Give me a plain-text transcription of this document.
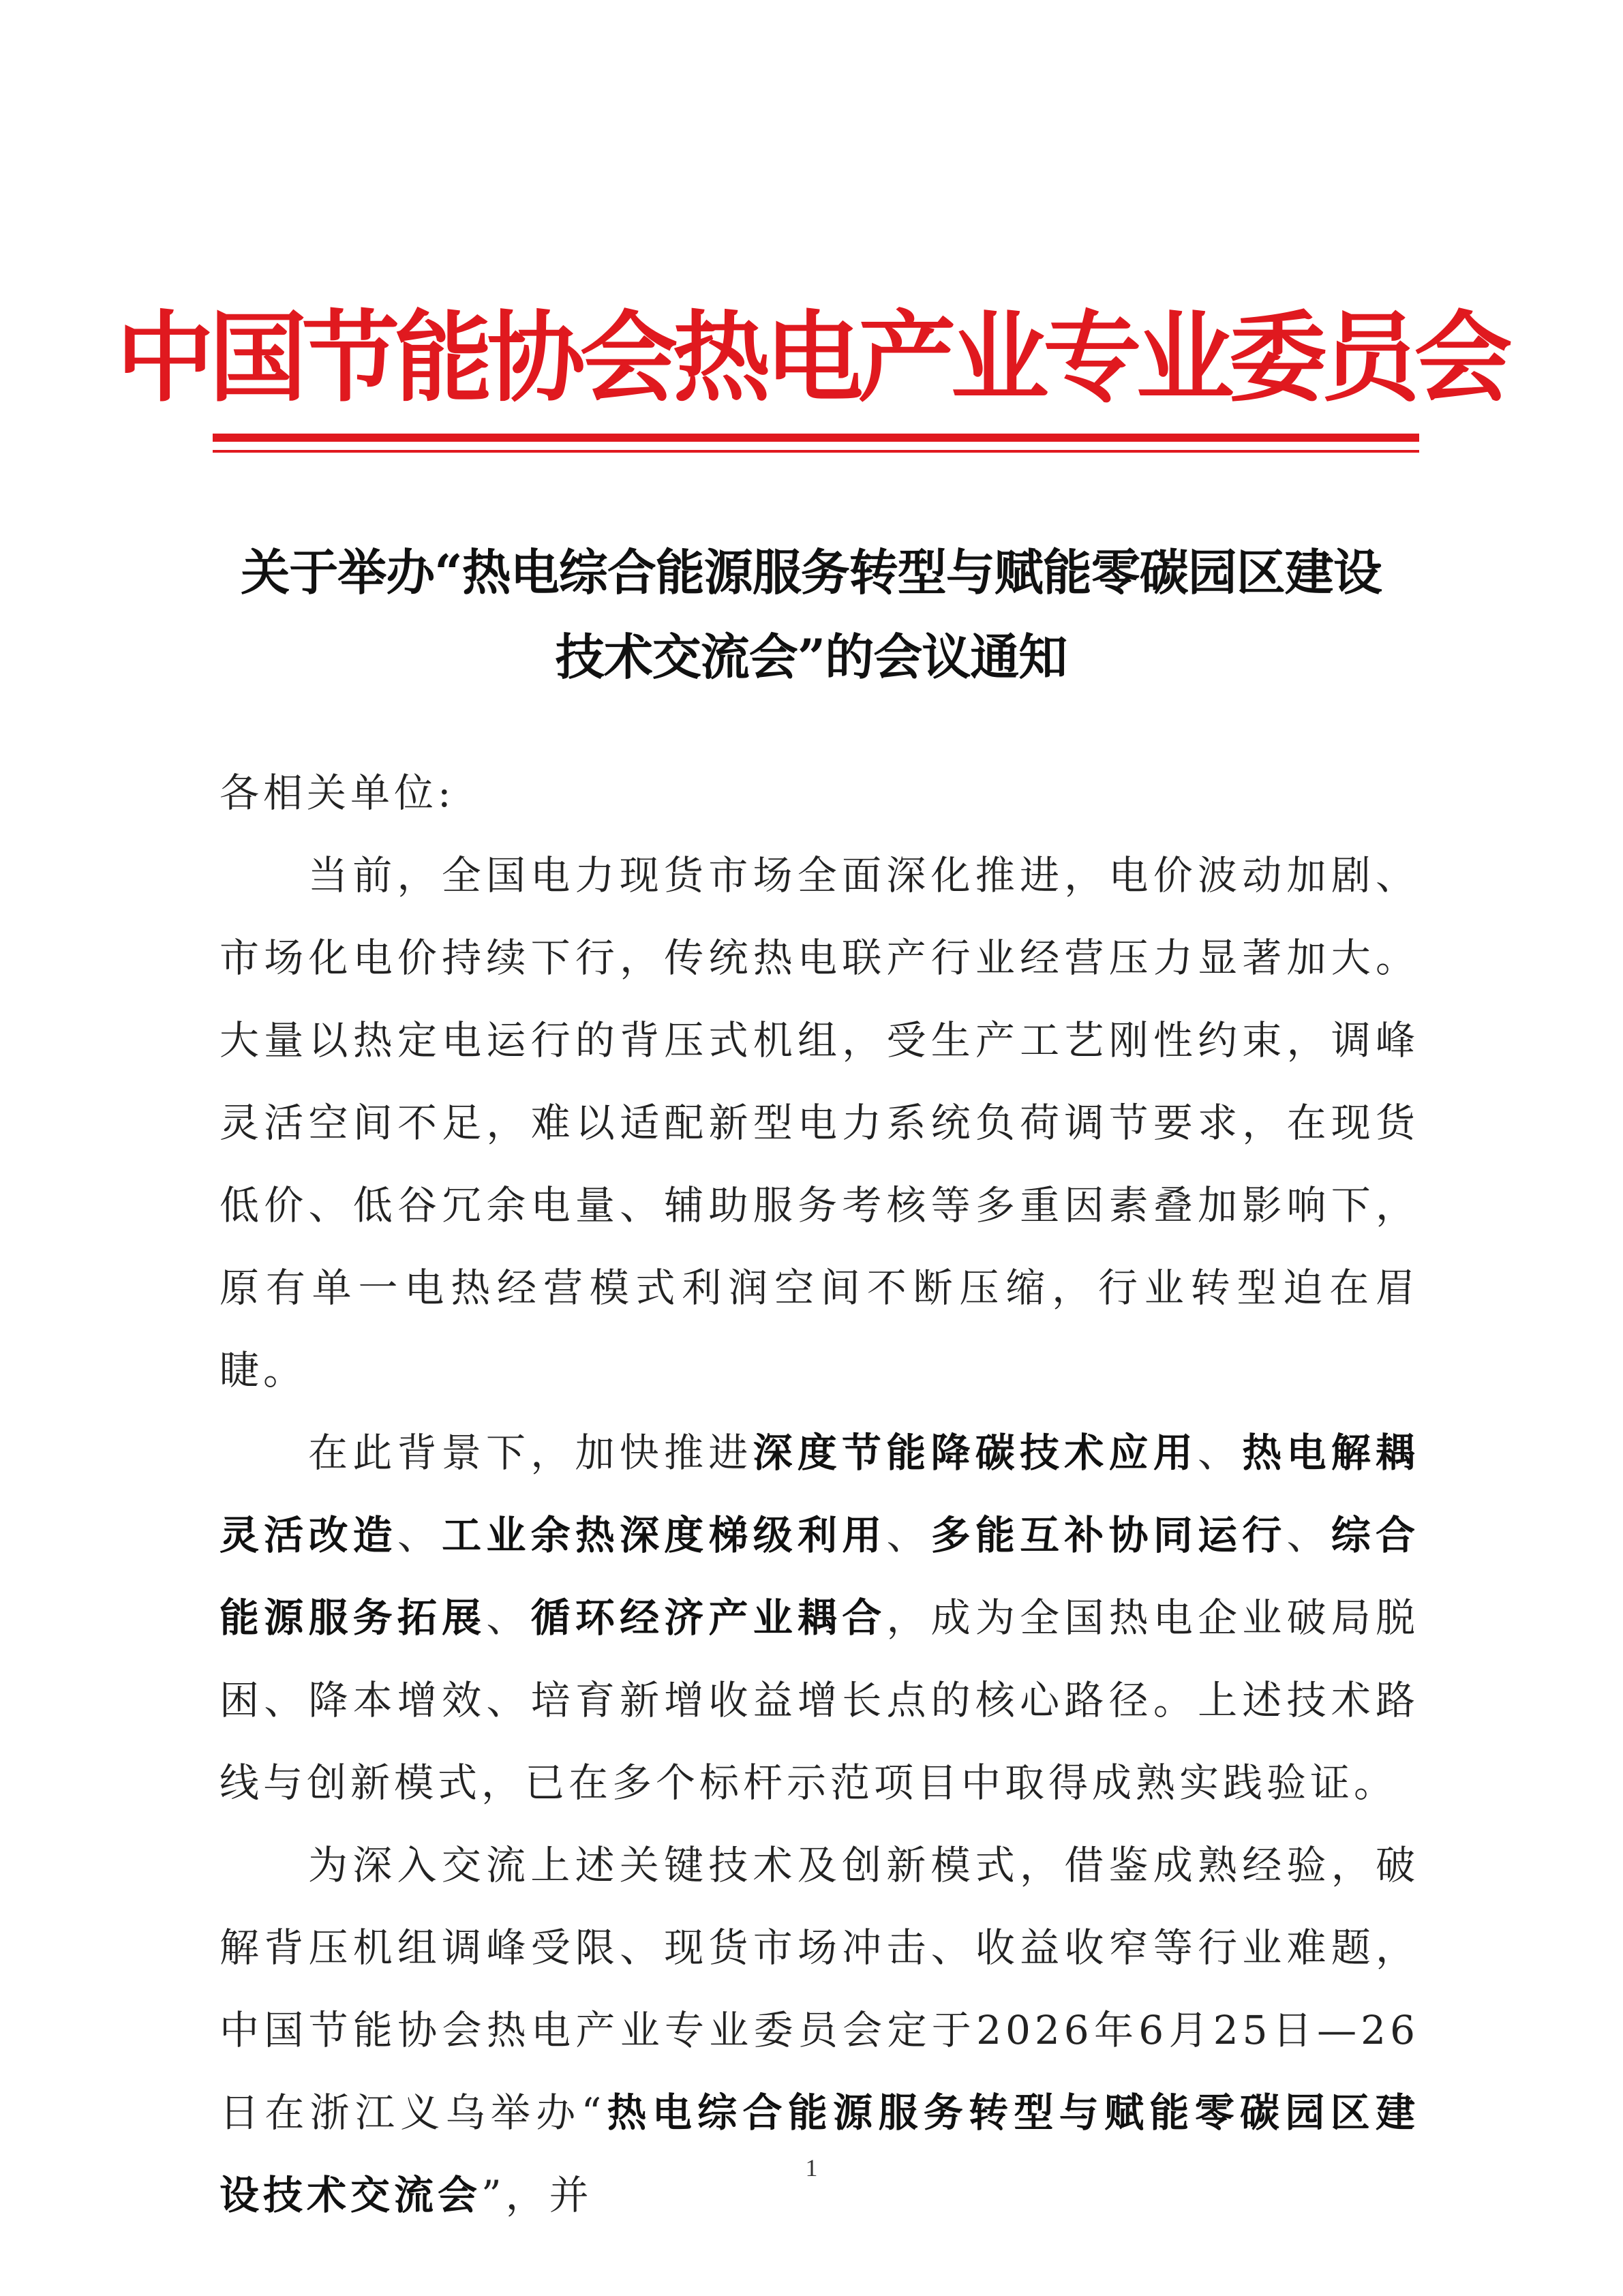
中国节能协会热电产业专业委员会
关于举办“热电综合能源服务转型与赋能零碳园区建设
技术交流会”的会议通知

各相关单位:

当前，全国电力现货市场全面深化推进，电价波动加剧、市场化电价持续下行，传统热电联产行业经营压力显著加大。大量以热定电运行的背压式机组，受生产工艺刚性约束，调峰灵活空间不足，难以适配新型电力系统负荷调节要求，在现货低价、低谷冗余电量、辅助服务考核等多重因素叠加影响下，原有单一电热经营模式利润空间不断压缩，行业转型迫在眉睫。

在此背景下，加快推进深度节能降碳技术应用、热电解耦灵活改造、工业余热深度梯级利用、多能互补协同运行、综合能源服务拓展、循环经济产业耦合，成为全国热电企业破局脱困、降本增效、培育新增收益增长点的核心路径。上述技术路线与创新模式，已在多个标杆示范项目中取得成熟实践验证。

为深入交流上述关键技术及创新模式，借鉴成熟经验，破解背压机组调峰受限、现货市场冲击、收益收窄等行业难题，中国节能协会热电产业专业委员会定于2026年6月25日—26日在浙江义乌举办“热电综合能源服务转型与赋能零碳园区建设技术交流会”，并

1
